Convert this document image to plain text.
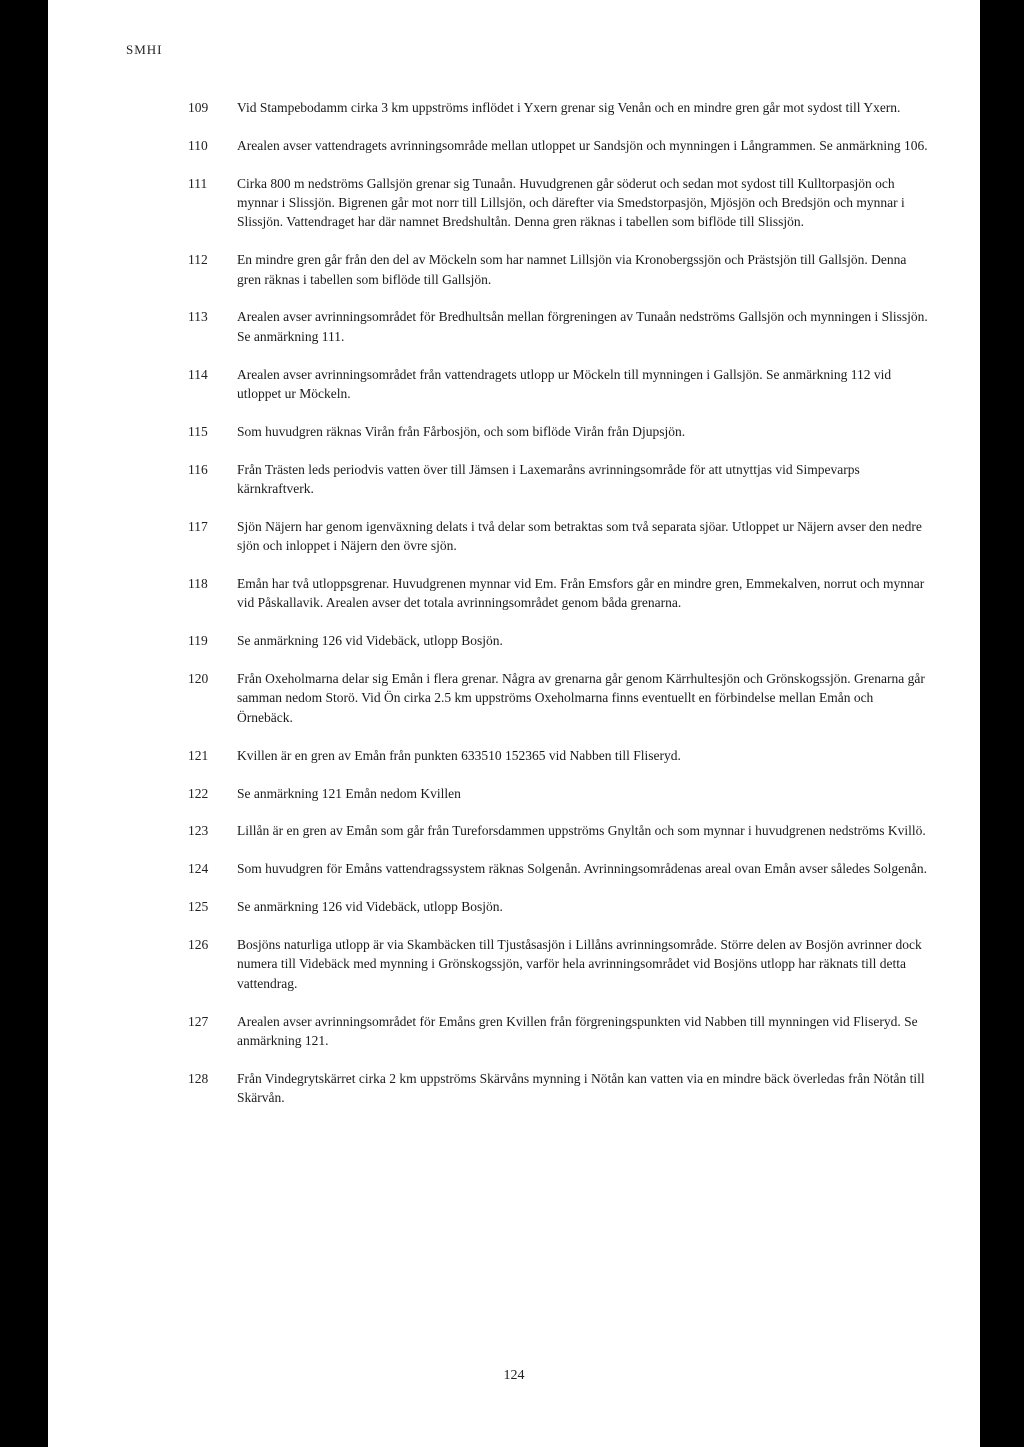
SMHI
109	Vid Stampebodamm cirka 3 km uppströms inflödet i Yxern grenar sig Venån och en mindre gren går mot sydost till Yxern.
110	Arealen avser vattendragets avrinningsområde mellan utloppet ur Sandsjön och mynningen i Långrammen. Se anmärkning 106.
111	Cirka 800 m nedströms Gallsjön grenar sig Tunaån. Huvudgrenen går söderut och sedan mot sydost till Kulltorpasjön och mynnar i Slissjön. Bigrenen går mot norr till Lillsjön, och därefter via Smedstorpasjön, Mjösjön och Bredsjön och mynnar i Slissjön. Vattendraget har där namnet Bredshultån. Denna gren räknas i tabellen som biflöde till Slissjön.
112	En mindre gren går från den del av Möckeln som har namnet Lillsjön via Kronobergssjön och Prästsjön till Gallsjön. Denna gren räknas i tabellen som biflöde till Gallsjön.
113	Arealen avser avrinningsområdet för Bredhultsån mellan förgreningen av Tunaån nedströms Gallsjön och mynningen i Slissjön. Se anmärkning 111.
114	Arealen avser avrinningsområdet från vattendragets utlopp ur Möckeln till mynningen i Gallsjön. Se anmärkning 112 vid utloppet ur Möckeln.
115	Som huvudgren räknas Virån från Fårbosjön, och som biflöde Virån från Djupsjön.
116	Från Trästen leds periodvis vatten över till Jämsen i Laxemaråns avrinningsområde för att utnyttjas vid Simpevarps kärnkraftverk.
117	Sjön Näjern har genom igenväxning delats i två delar som betraktas som två separata sjöar. Utloppet ur Näjern avser den nedre sjön och inloppet i Näjern den övre sjön.
118	Emån har två utloppsgrenar. Huvudgrenen mynnar vid Em. Från Emsfors går en mindre gren, Emmekalven, norrut och mynnar vid Påskallavik. Arealen avser det totala avrinningsområdet genom båda grenarna.
119	Se anmärkning 126 vid Videbäck, utlopp Bosjön.
120	Från Oxeholmarna delar sig Emån i flera grenar. Några av grenarna går genom Kärrhultesjön och Grönskogssjön. Grenarna går samman nedom Storö. Vid Ön cirka 2.5 km uppströms Oxeholmarna finns eventuellt en förbindelse mellan Emån och Örnebäck.
121	Kvillen är en gren av Emån från punkten 633510 152365 vid Nabben till Fliseryd.
122	Se anmärkning 121 Emån nedom Kvillen
123	Lillån är en gren av Emån som går från Tureforsdammen uppströms Gnyltån och som mynnar i huvudgrenen nedströms Kvillö.
124	Som huvudgren för Emåns vattendragssystem räknas Solgenån. Avrinningsområdenas areal ovan Emån avser således Solgenån.
125	Se anmärkning 126 vid Videbäck, utlopp Bosjön.
126	Bosjöns naturliga utlopp är via Skambäcken till Tjuståsasjön i Lillåns avrinningsområde. Större delen av Bosjön avrinner dock numera till Videbäck med mynning i Grönskogssjön, varför hela avrinningsområdet vid Bosjöns utlopp har räknats till detta vattendrag.
127	Arealen avser avrinningsområdet för Emåns gren Kvillen från förgreningspunkten vid Nabben till mynningen vid Fliseryd. Se anmärkning 121.
128	Från Vindegrytskärret cirka 2 km uppströms Skärvåns mynning i Nötån kan vatten via en mindre bäck överledas från Nötån till Skärvån.
124
